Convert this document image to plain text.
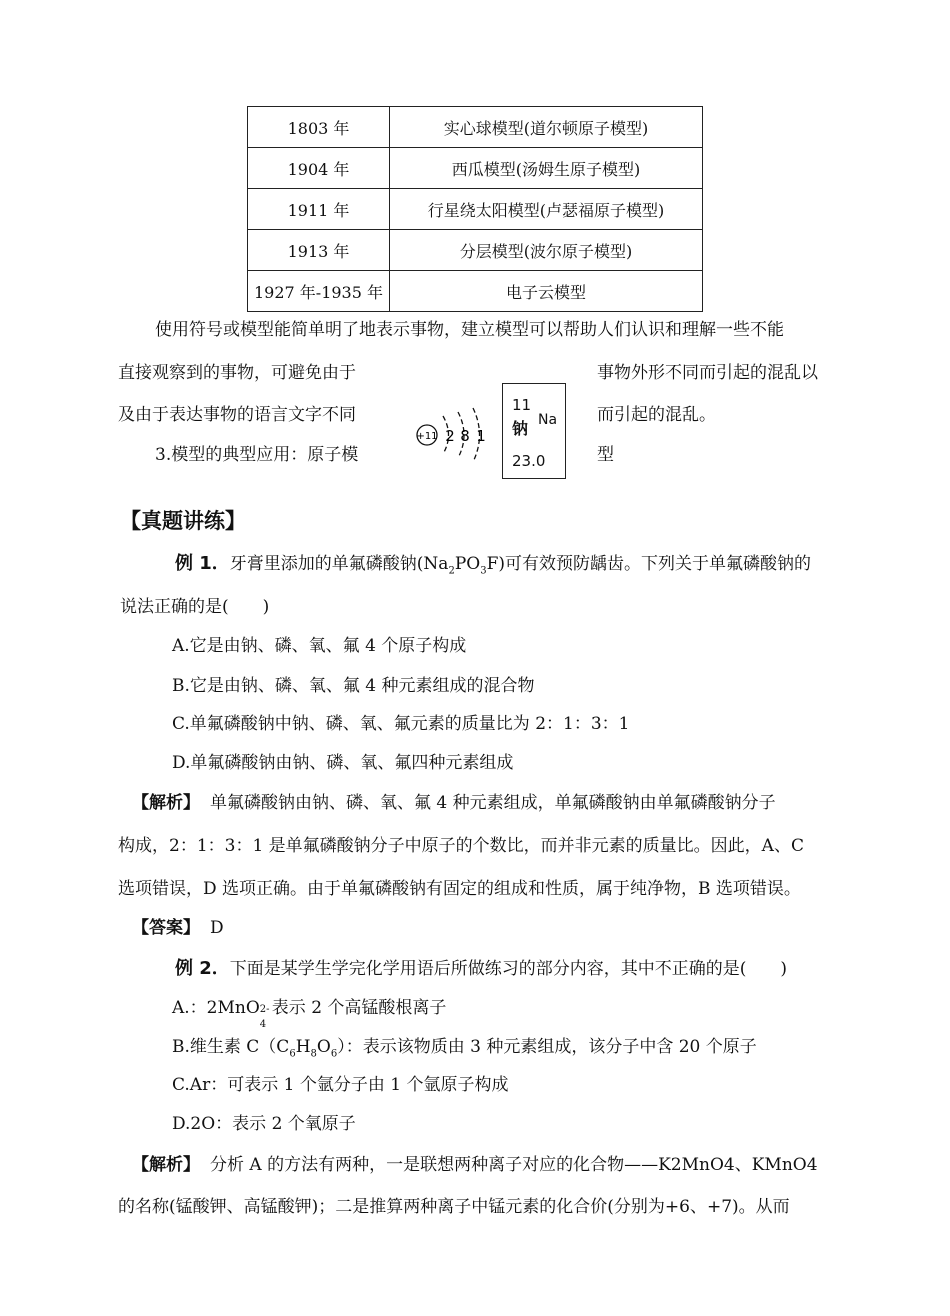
1803 年	实心球模型(道尔顿原子模型)
1904 年	西瓜模型(汤姆生原子模型)
1911 年	行星绕太阳模型(卢瑟福原子模型)
1913 年	分层模型(波尔原子模型)
1927 年-1935 年	电子云模型
使用符号或模型能简单明了地表示事物，建立模型可以帮助人们认识和理解一些不能
直接观察到的事物，可避免由于	事物外形不同而引起的混乱以
及由于表达事物的语言文字不同	而引起的混乱。
3.模型的典型应用：原子模	型
+11 2 8 1
11
Na
钠
23.0
【真题讲练】
例 1．牙膏里添加的单氟磷酸钠$(Na_2PO_3F)$可有效预防龋齿。下列关于单氟磷酸钠的
说法正确的是(　　)
A.它是由钠、磷、氧、氟 4 个原子构成
B.它是由钠、磷、氧、氟 4 种元素组成的混合物
C.单氟磷酸钠中钠、磷、氧、氟元素的质量比为 2：1：3：1
D.单氟磷酸钠由钠、磷、氧、氟四种元素组成
【解析】 单氟磷酸钠由钠、磷、氧、氟 4 种元素组成，单氟磷酸钠由单氟磷酸钠分子
构成，2：1：3：1 是单氟磷酸钠分子中原子的个数比，而并非元素的质量比。因此，A、C
选项错误，D 选项正确。由于单氟磷酸钠有固定的组成和性质，属于纯净物，B 选项错误。
【答案】 D
例 2．下面是某学生学完化学用语后所做练习的部分内容，其中不正确的是(　　)
A.：2MnO 2-
4
表示 2 个高锰酸根离子
B.维生素 $C(C_6H_8O_6)$：表示该物质由 3 种元素组成，该分子中含 20 个原子
C.Ar：可表示 1 个氩分子由 1 个氩原子构成
D.2O：表示 2 个氧原子
【解析】 分析 A 的方法有两种，一是联想两种离子对应的化合物——K2MnO4、KMnO4
的名称(锰酸钾、高锰酸钾)；二是推算两种离子中锰元素的化合价(分别为+6、+7)。从而
